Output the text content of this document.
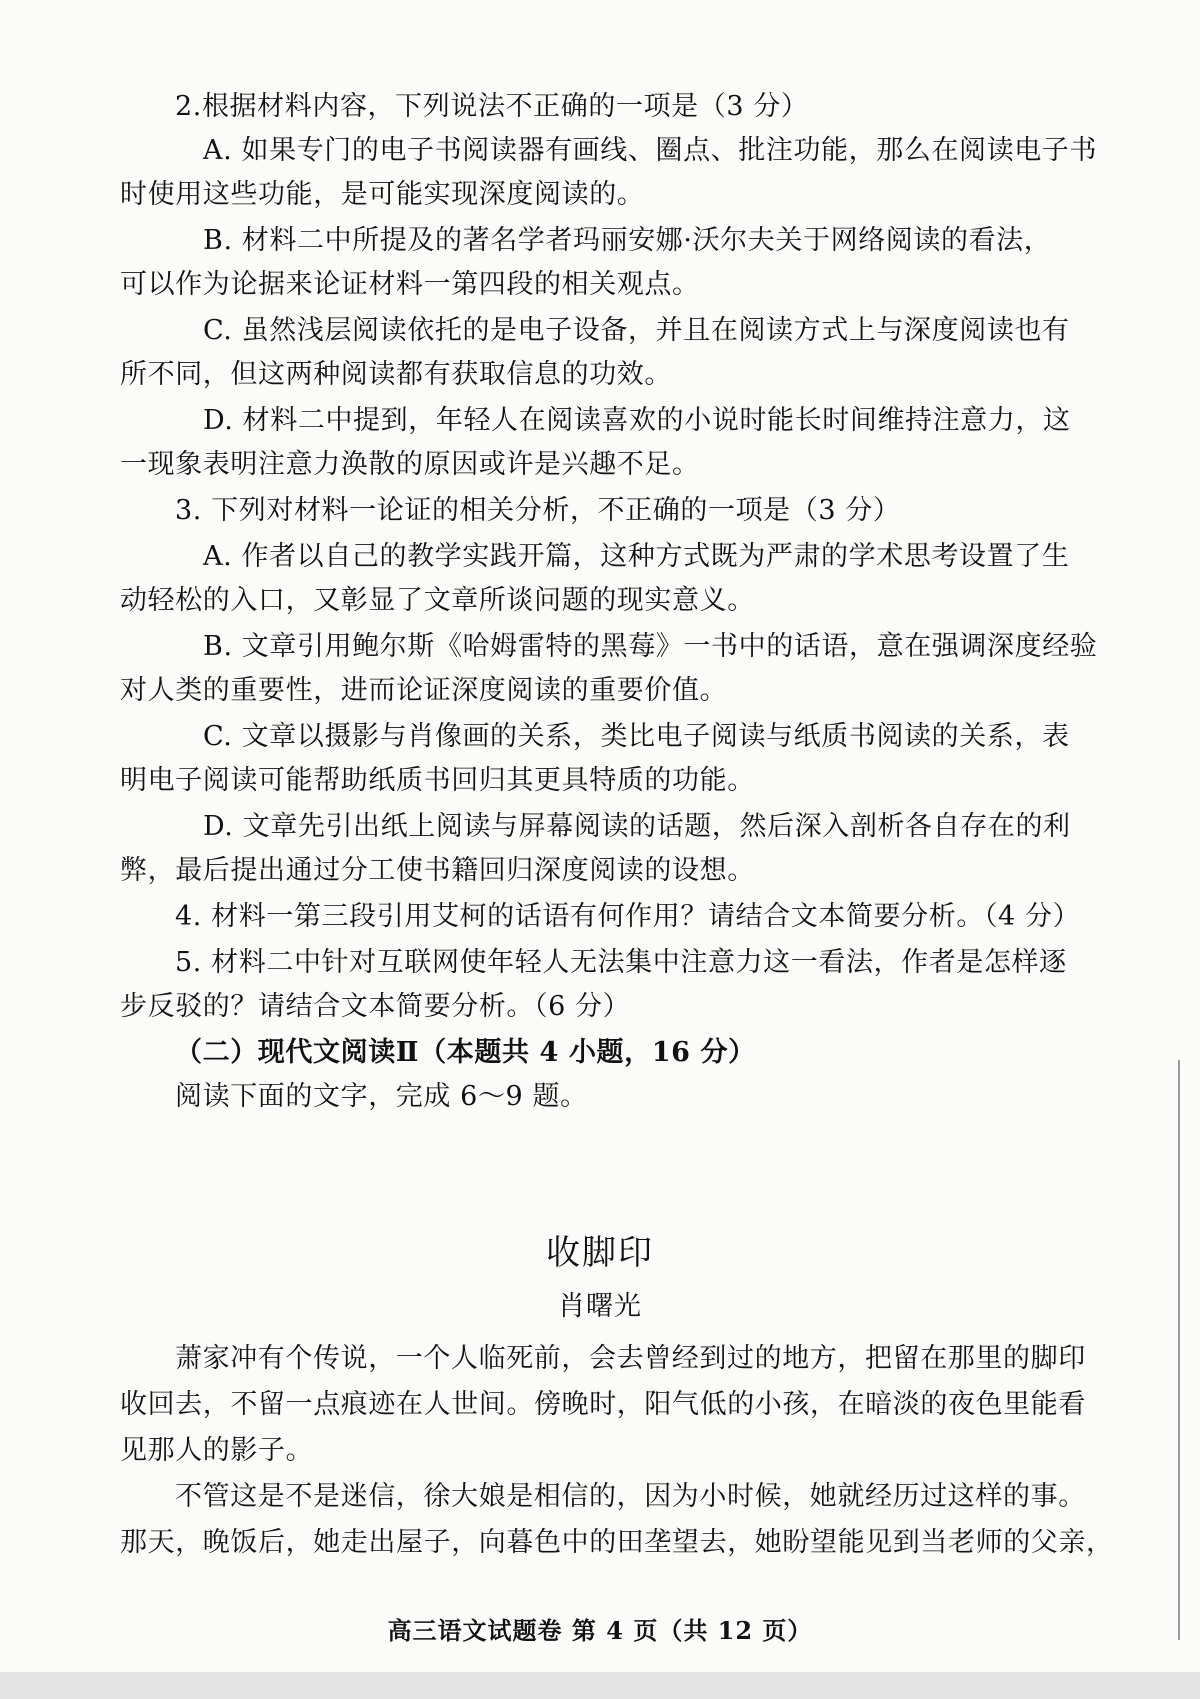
2.根据材料内容，下列说法不正确的一项是（3 分）
A. 如果专门的电子书阅读器有画线、圈点、批注功能，那么在阅读电子书
时使用这些功能，是可能实现深度阅读的。
B. 材料二中所提及的著名学者玛丽安娜·沃尔夫关于网络阅读的看法，
可以作为论据来论证材料一第四段的相关观点。
C. 虽然浅层阅读依托的是电子设备，并且在阅读方式上与深度阅读也有
所不同，但这两种阅读都有获取信息的功效。
D. 材料二中提到，年轻人在阅读喜欢的小说时能长时间维持注意力，这
一现象表明注意力涣散的原因或许是兴趣不足。
3. 下列对材料一论证的相关分析，不正确的一项是（3 分）
A. 作者以自己的教学实践开篇，这种方式既为严肃的学术思考设置了生
动轻松的入口，又彰显了文章所谈问题的现实意义。
B. 文章引用鲍尔斯《哈姆雷特的黑莓》一书中的话语，意在强调深度经验
对人类的重要性，进而论证深度阅读的重要价值。
C. 文章以摄影与肖像画的关系，类比电子阅读与纸质书阅读的关系，表
明电子阅读可能帮助纸质书回归其更具特质的功能。
D. 文章先引出纸上阅读与屏幕阅读的话题，然后深入剖析各自存在的利
弊，最后提出通过分工使书籍回归深度阅读的设想。
4. 材料一第三段引用艾柯的话语有何作用？请结合文本简要分析。（4 分）
5. 材料二中针对互联网使年轻人无法集中注意力这一看法，作者是怎样逐
步反驳的？请结合文本简要分析。（6 分）
（二）现代文阅读Ⅱ（本题共 4 小题，16 分）
阅读下面的文字，完成 6～9 题。
收脚印
肖曙光
萧家冲有个传说，一个人临死前，会去曾经到过的地方，把留在那里的脚印
收回去，不留一点痕迹在人世间。傍晚时，阳气低的小孩，在暗淡的夜色里能看
见那人的影子。
不管这是不是迷信，徐大娘是相信的，因为小时候，她就经历过这样的事。
那天，晚饭后，她走出屋子，向暮色中的田垄望去，她盼望能见到当老师的父亲，
高三语文试题卷 第 4 页（共 12 页）
